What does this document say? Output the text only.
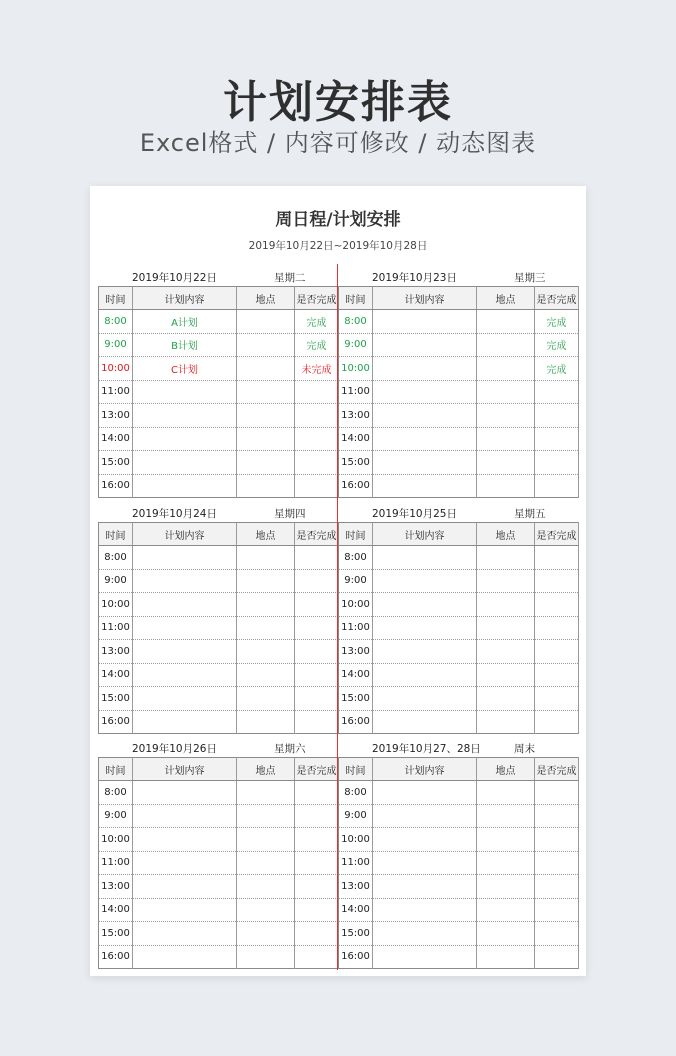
计划安排表
Excel格式 / 内容可修改 / 动态图表
周日程/计划安排
2019年10月22日~2019年10月28日
2019年10月22日	星期二
时间	计划内容	地点	是否完成
8:00	A计划		完成
9:00	B计划		完成
10:00	C计划		未完成
11:00			
13:00			
14:00			
15:00			
16:00			
2019年10月23日	星期三
时间	计划内容	地点	是否完成
8:00			完成
9:00			完成
10:00			完成
11:00			
13:00			
14:00			
15:00			
16:00			
2019年10月24日	星期四
时间	计划内容	地点	是否完成
8:00			
9:00			
10:00			
11:00			
13:00			
14:00			
15:00			
16:00			
2019年10月25日	星期五
时间	计划内容	地点	是否完成
8:00			
9:00			
10:00			
11:00			
13:00			
14:00			
15:00			
16:00			
2019年10月26日	星期六
时间	计划内容	地点	是否完成
8:00			
9:00			
10:00			
11:00			
13:00			
14:00			
15:00			
16:00			
2019年10月27、28日	周末
时间	计划内容	地点	是否完成
8:00			
9:00			
10:00			
11:00			
13:00			
14:00			
15:00			
16:00			
